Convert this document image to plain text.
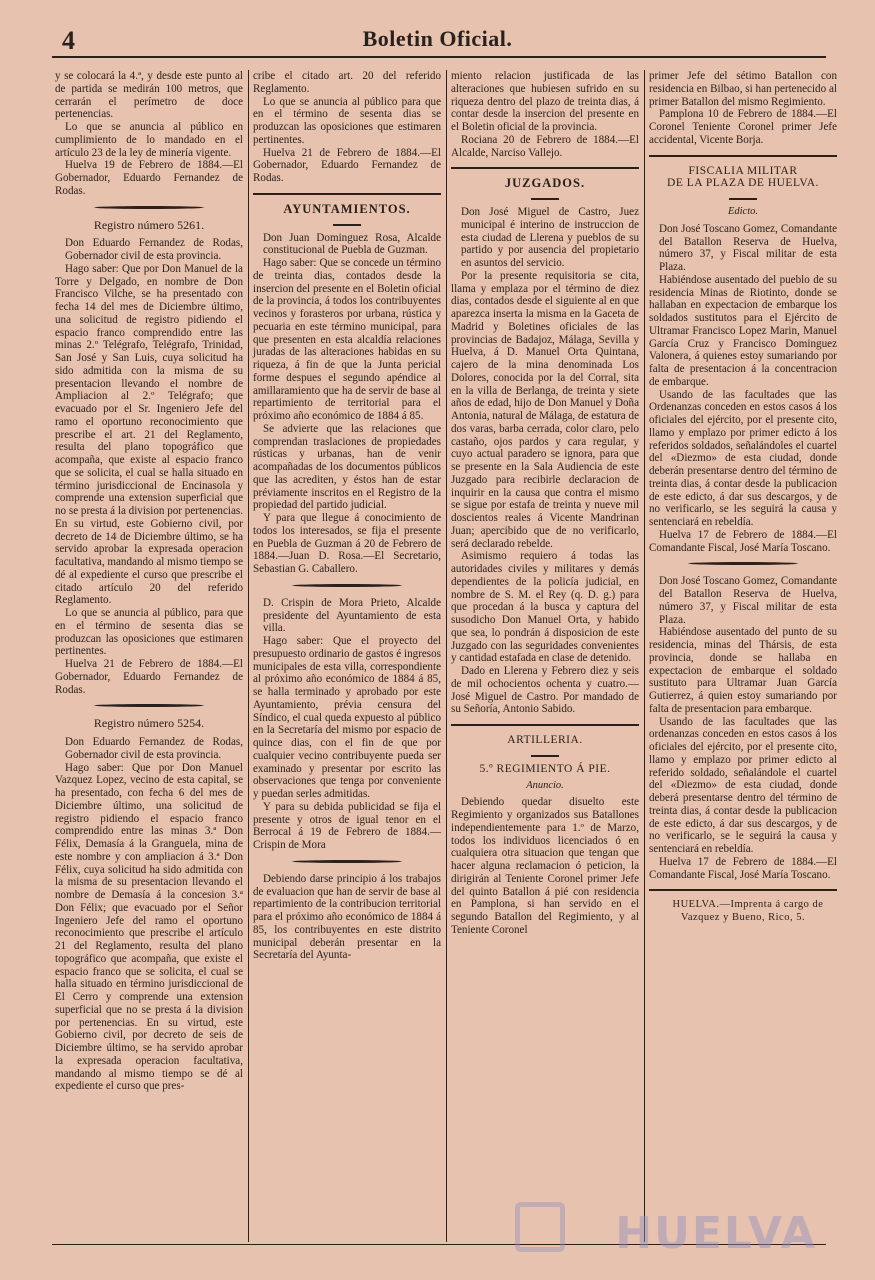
4	Boletin Oficial.

y se colocará la 4.ª, y desde este punto al de partida se medirán 100 metros, que cerrarán el perímetro de doce pertenencias.

Lo que se anuncia al público en cumplimiento de lo mandado en el artículo 23 de la ley de minería vigente.

Huelva 19 de Febrero de 1884.—El Gobernador, Eduardo Fernandez de Rodas.

Registro número 5261.

Don Eduardo Fernandez de Rodas, Gobernador civil de esta provincia.

Hago saber: Que por Don Manuel de la Torre y Delgado, en nombre de Don Francisco Vilche, se ha presentado con fecha 14 del mes de Diciembre último, una solicitud de registro pidiendo el espacio franco comprendido entre las minas 2.º Telégrafo, Telégrafo, Trinidad, San José y San Luis, cuya solicitud ha sido admitida con la misma de su presentacion llevando el nombre de Ampliacion al 2.º Telégrafo; que evacuado por el Sr. Ingeniero Jefe del ramo el oportuno reconocimiento que prescribe el art. 21 del Reglamento, resulta del plano topográfico que acompaña, que existe al espacio franco que se solicita, el cual se halla situado en término jurisdiccional de Encinasola y comprende una extension superficial que no se presta á la division por pertenencias. En su virtud, este Gobierno civil, por decreto de 14 de Diciembre último, se ha servido aprobar la expresada operacion facultativa, mandando al mismo tiempo se dé al expediente el curso que prescribe el citado artículo 20 del referido Reglamento.

Lo que se anuncia al público, para que en el término de sesenta dias se produzcan las oposiciones que estimaren pertinentes.

Huelva 21 de Febrero de 1884.—El Gobernador, Eduardo Fernandez de Rodas.

Registro número 5254.

Don Eduardo Fernandez de Rodas, Gobernador civil de esta provincia.

Hago saber: Que por Don Manuel Vazquez Lopez, vecino de esta capital, se ha presentado, con fecha 6 del mes de Diciembre último, una solicitud de registro pidiendo el espacio franco comprendido entre las minas 3.ª Don Félix, Demasía á la Granguela, mina de este nombre y con ampliacion á 3.ª Don Félix, cuya solicitud ha sido admitida con la misma de su presentacion llevando el nombre de Demasía á la concesion 3.ª Don Félix; que evacuado por el Señor Ingeniero Jefe del ramo el oportuno reconocimiento que prescribe el artículo 21 del Reglamento, resulta del plano topográfico que acompaña, que existe el espacio franco que se solicita, el cual se halla situado en término jurisdiccional de El Cerro y comprende una extension superficial que no se presta á la division por pertenencias. En su virtud, este Gobierno civil, por decreto de seis de Diciembre último, se ha servido aprobar la expresada operacion facultativa, mandando al mismo tiempo se dé al expediente el curso que pres-

cribe el citado art. 20 del referido Reglamento.

Lo que se anuncia al público para que en el término de sesenta dias se produzcan las oposiciones que estimaren pertinentes.

Huelva 21 de Febrero de 1884.—El Gobernador, Eduardo Fernandez de Rodas.

AYUNTAMIENTOS.

Don Juan Dominguez Rosa, Alcalde constitucional de Puebla de Guzman.

Hago saber: Que se concede un término de treinta dias, contados desde la insercion del presente en el Boletin oficial de la provincia, á todos los contribuyentes vecinos y forasteros por urbana, rústica y pecuaria en este término municipal, para que presenten en esta alcaldía relaciones juradas de las alteraciones habidas en su riqueza, á fin de que la Junta pericial forme despues el segundo apéndice al amillaramiento que ha de servir de base al repartimiento de territorial para el próximo año económico de 1884 á 85.

Se advierte que las relaciones que comprendan traslaciones de propiedades rústicas y urbanas, han de venir acompañadas de los documentos públicos que las acrediten, y éstos han de estar préviamente inscritos en el Registro de la propiedad del partido judicial.

Y para que llegue á conocimiento de todos los interesados, se fija el presente en Puebla de Guzman á 20 de Febrero de 1884.—Juan D. Rosa.—El Secretario, Sebastian G. Caballero.

D. Crispin de Mora Prieto, Alcalde presidente del Ayuntamiento de esta villa.

Hago saber: Que el proyecto del presupuesto ordinario de gastos é ingresos municipales de esta villa, correspondiente al próximo año económico de 1884 á 85, se halla terminado y aprobado por este Ayuntamiento, prévia censura del Síndico, el cual queda expuesto al público en la Secretaría del mismo por espacio de quince dias, con el fin de que por cualquier vecino contribuyente pueda ser examinado y presentar por escrito las observaciones que tenga por conveniente y puedan serles admitidas.

Y para su debida publicidad se fija el presente y otros de igual tenor en el Berrocal á 19 de Febrero de 1884.—Crispin de Mora

Debiendo darse principio á los trabajos de evaluacion que han de servir de base al repartimiento de la contribucion territorial para el próximo año económico de 1884 á 85, los contribuyentes en este distrito municipal deberán presentar en la Secretaría del Ayunta-

miento relacion justificada de las alteraciones que hubiesen sufrido en su riqueza dentro del plazo de treinta dias, á contar desde la insercion del presente en el Boletin oficial de la provincia.

Rociana 20 de Febrero de 1884.—El Alcalde, Narciso Vallejo.

JUZGADOS.

Don José Miguel de Castro, Juez municipal é interino de instruccion de esta ciudad de Llerena y pueblos de su partido y por ausencia del propietario en asuntos del servicio.

Por la presente requisitoria se cita, llama y emplaza por el término de diez dias, contados desde el siguiente al en que aparezca inserta la misma en la Gaceta de Madrid y Boletines oficiales de las provincias de Badajoz, Málaga, Sevilla y Huelva, á D. Manuel Orta Quintana, cajero de la mina denominada Los Dolores, conocida por la del Corral, sita en la villa de Berlanga, de treinta y siete años de edad, hijo de Don Manuel y Doña Antonia, natural de Málaga, de estatura de dos varas, barba cerrada, color claro, pelo castaño, ojos pardos y cara regular, y cuyo actual paradero se ignora, para que se presente en la Sala Audiencia de este Juzgado para recibirle declaracion de inquirir en la causa que contra el mismo se sigue por estafa de treinta y nueve mil doscientos reales á Vicente Mandrinan Juan; apercibido que de no verificarlo, será declarado rebelde.

Asimismo requiero á todas las autoridades civiles y militares y demás dependientes de la policía judicial, en nombre de S. M. el Rey (q. D. g.) para que procedan á la busca y captura del susodicho Don Manuel Orta, y habido que sea, lo pondrán á disposicion de este Juzgado con las seguridades convenientes y cantidad estafada en clase de detenido.

Dado en Llerena y Febrero diez y seis de mil ochocientos ochenta y cuatro.—José Miguel de Castro. Por mandado de su Señoría, Antonio Sabido.

ARTILLERIA.
5.º REGIMIENTO Á PIE.
Anuncio.

Debiendo quedar disuelto este Regimiento y organizados sus Batallones independientemente para 1.º de Marzo, todos los individuos licenciados ó en cualquiera otra situacion que tengan que hacer alguna reclamacion ó peticion, la dirigirán al Teniente Coronel primer Jefe del quinto Batallon á pié con residencia en Pamplona, si han servido en el segundo Batallon del Regimiento, y al Teniente Coronel

primer Jefe del sétimo Batallon con residencia en Bilbao, si han pertenecido al primer Batallon del mismo Regimiento.

Pamplona 10 de Febrero de 1884.—El Coronel Teniente Coronel primer Jefe accidental, Vicente Borja.

FISCALIA MILITAR
DE LA PLAZA DE HUELVA.
Edicto.

Don José Toscano Gomez, Comandante del Batallon Reserva de Huelva, número 37, y Fiscal militar de esta Plaza.

Habiéndose ausentado del pueblo de su residencia Minas de Riotinto, donde se hallaban en expectacion de embarque los soldados sustitutos para el Ejército de Ultramar Francisco Lopez Marin, Manuel García Cruz y Francisco Dominguez Valonera, á quienes estoy sumariando por falta de presentacion á la concentracion de embarque.

Usando de las facultades que las Ordenanzas conceden en estos casos á los oficiales del ejército, por el presente cito, llamo y emplazo por primer edicto á los referidos soldados, señalándoles el cuartel del «Diezmo» de esta ciudad, donde deberán presentarse dentro del término de treinta dias, á contar desde la publicacion de este edicto, á dar sus descargos, y de no verificarlo, se les seguirá la causa y sentenciará en rebeldía.

Huelva 17 de Febrero de 1884.—El Comandante Fiscal, José María Toscano.

Don José Toscano Gomez, Comandante del Batallon Reserva de Huelva, número 37, y Fiscal militar de esta Plaza.

Habiéndose ausentado del punto de su residencia, minas del Thársis, de esta provincia, donde se hallaba en expectacion de embarque el soldado sustituto para Ultramar Juan García Gutierrez, á quien estoy sumariando por falta de presentacion para embarque.

Usando de las facultades que las ordenanzas conceden en estos casos á los oficiales del ejército, por el presente cito, llamo y emplazo por primer edicto al referido soldado, señalándole el cuartel del «Diezmo» de esta ciudad, donde deberá presentarse dentro del término de treinta dias, á contar desde la publicacion de este edicto, á dar sus descargos, y de no verificarlo, se le seguirá la causa y sentenciará en rebeldía.

Huelva 17 de Febrero de 1884.—El Comandante Fiscal, José María Toscano.

HUELVA.—Imprenta á cargo de Vazquez y Bueno, Rico, 5.

HUELVA
